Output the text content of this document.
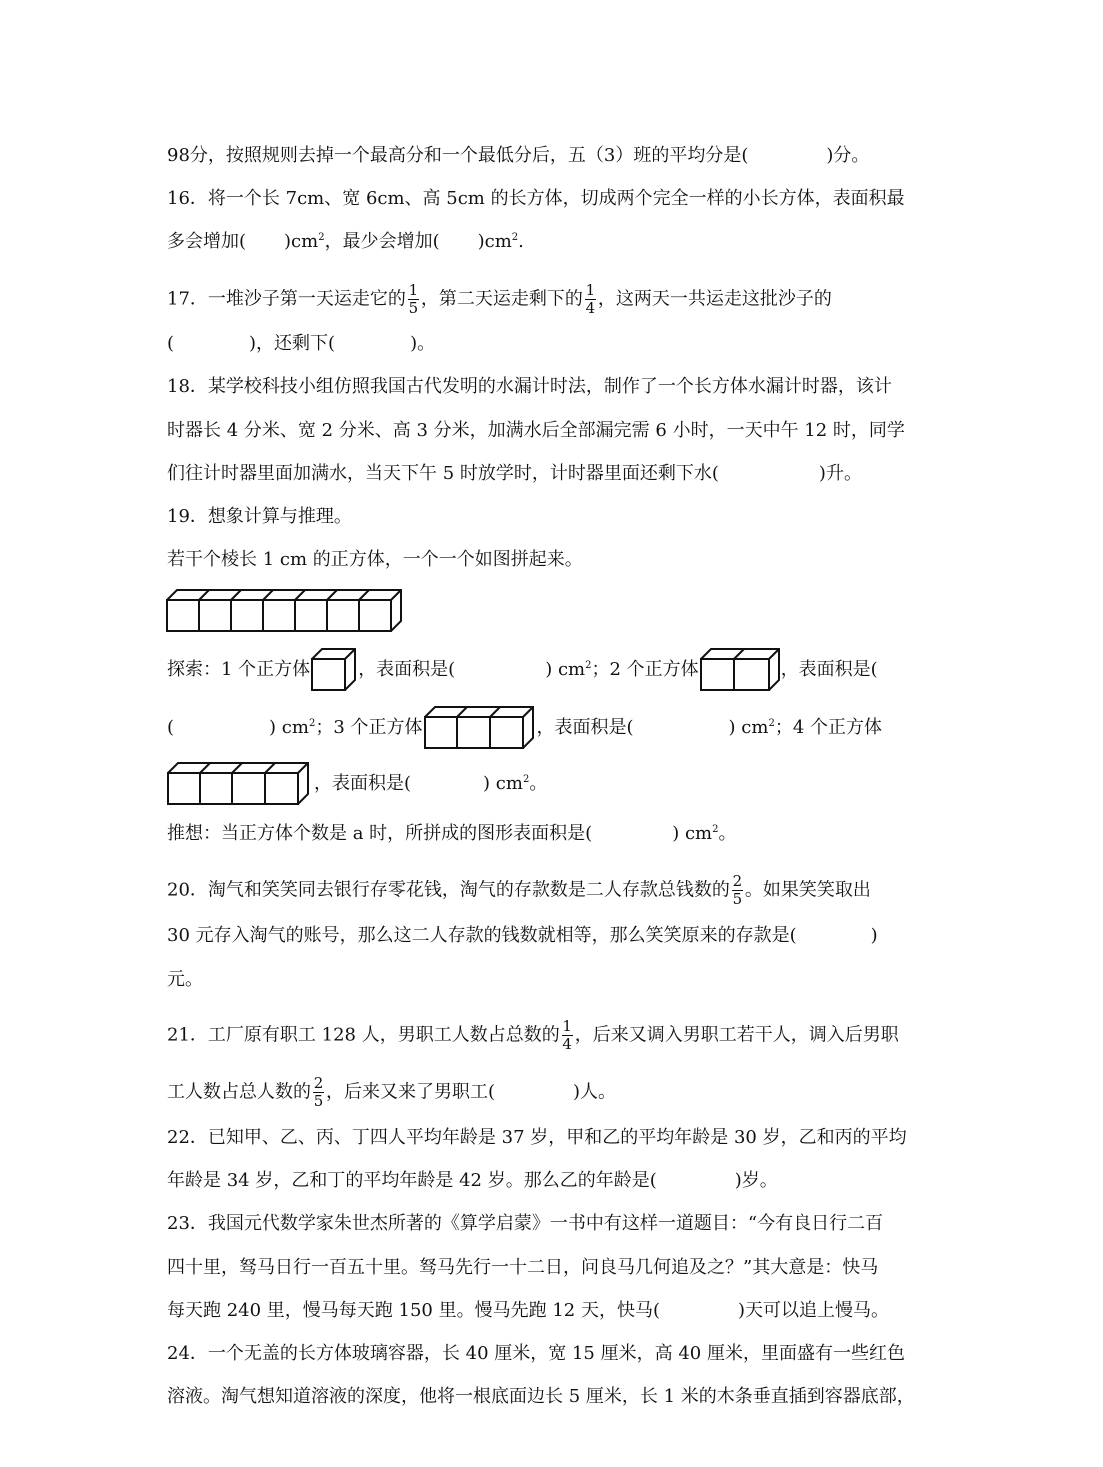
98分，按照规则去掉一个最高分和一个最低分后，五（3）班的平均分是(	)分。
16．将一个长 7cm、宽 6cm、高 5cm 的长方体，切成两个完全一样的小长方体，表面积最
多会增加( )$cm^2$，最少会增加( )$cm^2$.
17．一堆沙子第一天运走它的 $\frac{1}{5}$ ，第二天运走剩下的 $\frac{1}{4}$ ，这两天一共运走这批沙子的
(	)，还剩下(	)。
18．某学校科技小组仿照我国古代发明的水漏计时法，制作了一个长方体水漏计时器，该计
时器长 4 分米、宽 2 分米、高 3 分米，加满水后全部漏完需 6 小时，一天中午 12 时，同学
们往计时器里面加满水，当天下午 5 时放学时，计时器里面还剩下水(	)升。
19．想象计算与推理。
若干个棱长 1 cm 的正方体，一个一个如图拼起来。
探索：1 个正方体	，表面积是(	) $cm^2$；2 个正方体	，表面积是(
(	) $cm^2$；3 个正方体	，表面积是(	) $cm^2$；4 个正方体
，表面积是(	) $cm^2$。
推想：当正方体个数是 a 时，所拼成的图形表面积是(	) $cm^2$。
20．淘气和笑笑同去银行存零花钱，淘气的存款数是二人存款总钱数的 $\frac{2}{5}$ 。如果笑笑取出
30 元存入淘气的账号，那么这二人存款的钱数就相等，那么笑笑原来的存款是(	)
元。
21．工厂原有职工 128 人，男职工人数占总数的 $\frac{1}{4}$ ，后来又调入男职工若干人，调入后男职
工人数占总人数的 $\frac{2}{5}$ ，后来又来了男职工(	)人。
22．已知甲、乙、丙、丁四人平均年龄是 37 岁，甲和乙的平均年龄是 30 岁，乙和丙的平均
年龄是 34 岁，乙和丁的平均年龄是 42 岁。那么乙的年龄是(	)岁。
23．我国元代数学家朱世杰所著的《算学启蒙》一书中有这样一道题目：“今有良日行二百
四十里，驽马日行一百五十里。驽马先行一十二日，问良马几何追及之？”其大意是：快马
每天跑 240 里，慢马每天跑 150 里。慢马先跑 12 天，快马(	)天可以追上慢马。
24．一个无盖的长方体玻璃容器，长 40 厘米，宽 15 厘米，高 40 厘米，里面盛有一些红色
溶液。淘气想知道溶液的深度，他将一根底面边长 5 厘米，长 1 米的木条垂直插到容器底部，
